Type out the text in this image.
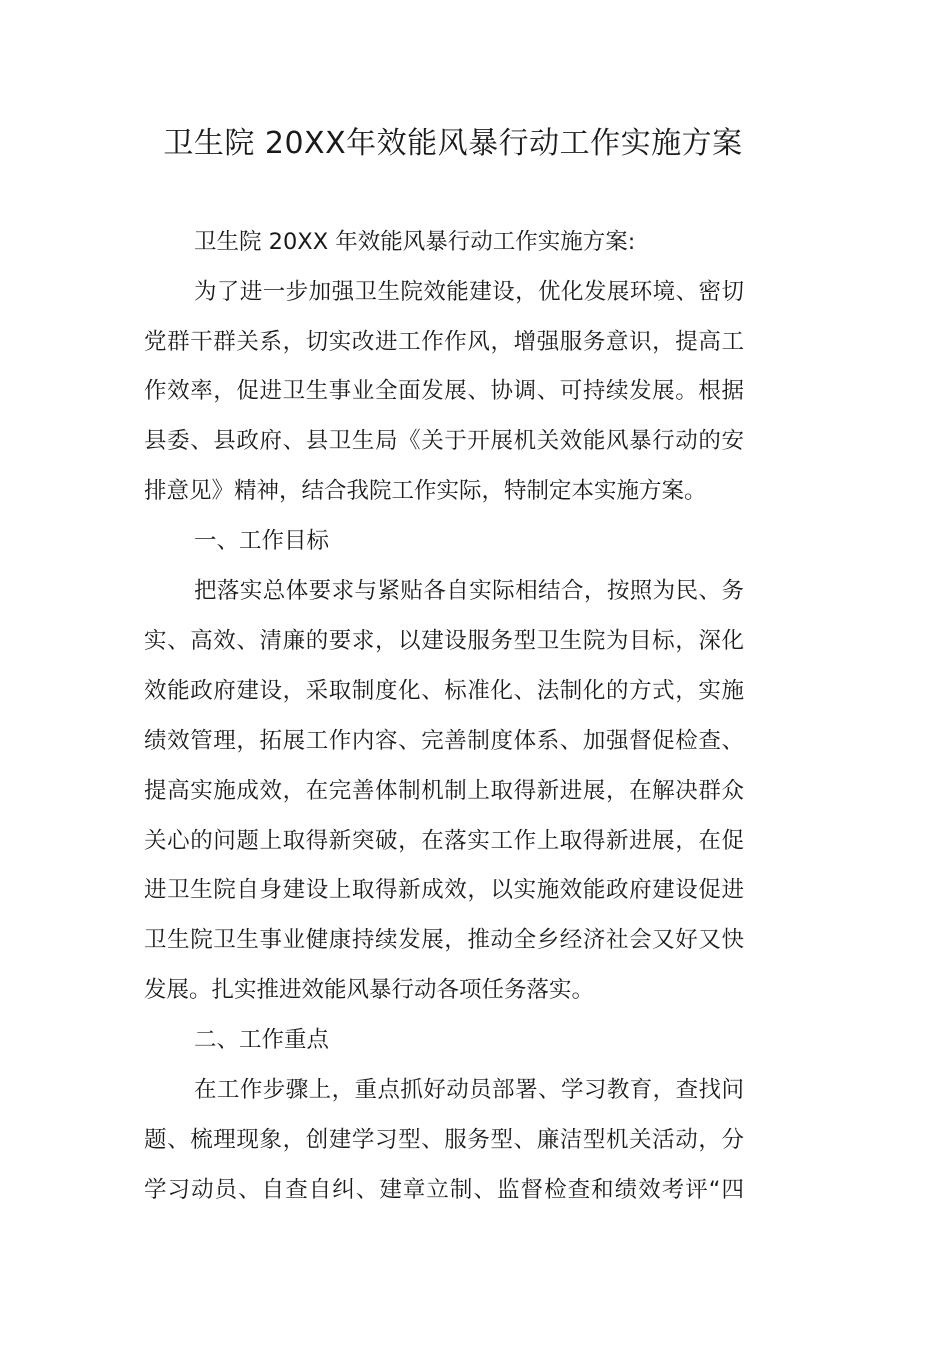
卫生院 20XX年效能风暴行动工作实施方案

卫生院 20XX 年效能风暴行动工作实施方案:

为了进一步加强卫生院效能建设，优化发展环境、密切

党群干群关系，切实改进工作作风，增强服务意识，提高工

作效率，促进卫生事业全面发展、协调、可持续发展。根据

县委、县政府、县卫生局《关于开展机关效能风暴行动的安

排意见》精神，结合我院工作实际，特制定本实施方案。

一、工作目标

把落实总体要求与紧贴各自实际相结合，按照为民、务

实、高效、清廉的要求，以建设服务型卫生院为目标，深化

效能政府建设，采取制度化、标准化、法制化的方式，实施

绩效管理，拓展工作内容、完善制度体系、加强督促检查、

提高实施成效，在完善体制机制上取得新进展，在解决群众

关心的问题上取得新突破，在落实工作上取得新进展，在促

进卫生院自身建设上取得新成效，以实施效能政府建设促进

卫生院卫生事业健康持续发展，推动全乡经济社会又好又快

发展。扎实推进效能风暴行动各项任务落实。

二、工作重点

在工作步骤上，重点抓好动员部署、学习教育，查找问

题、梳理现象，创建学习型、服务型、廉洁型机关活动，分

学习动员、自查自纠、建章立制、监督检查和绩效考评“四
